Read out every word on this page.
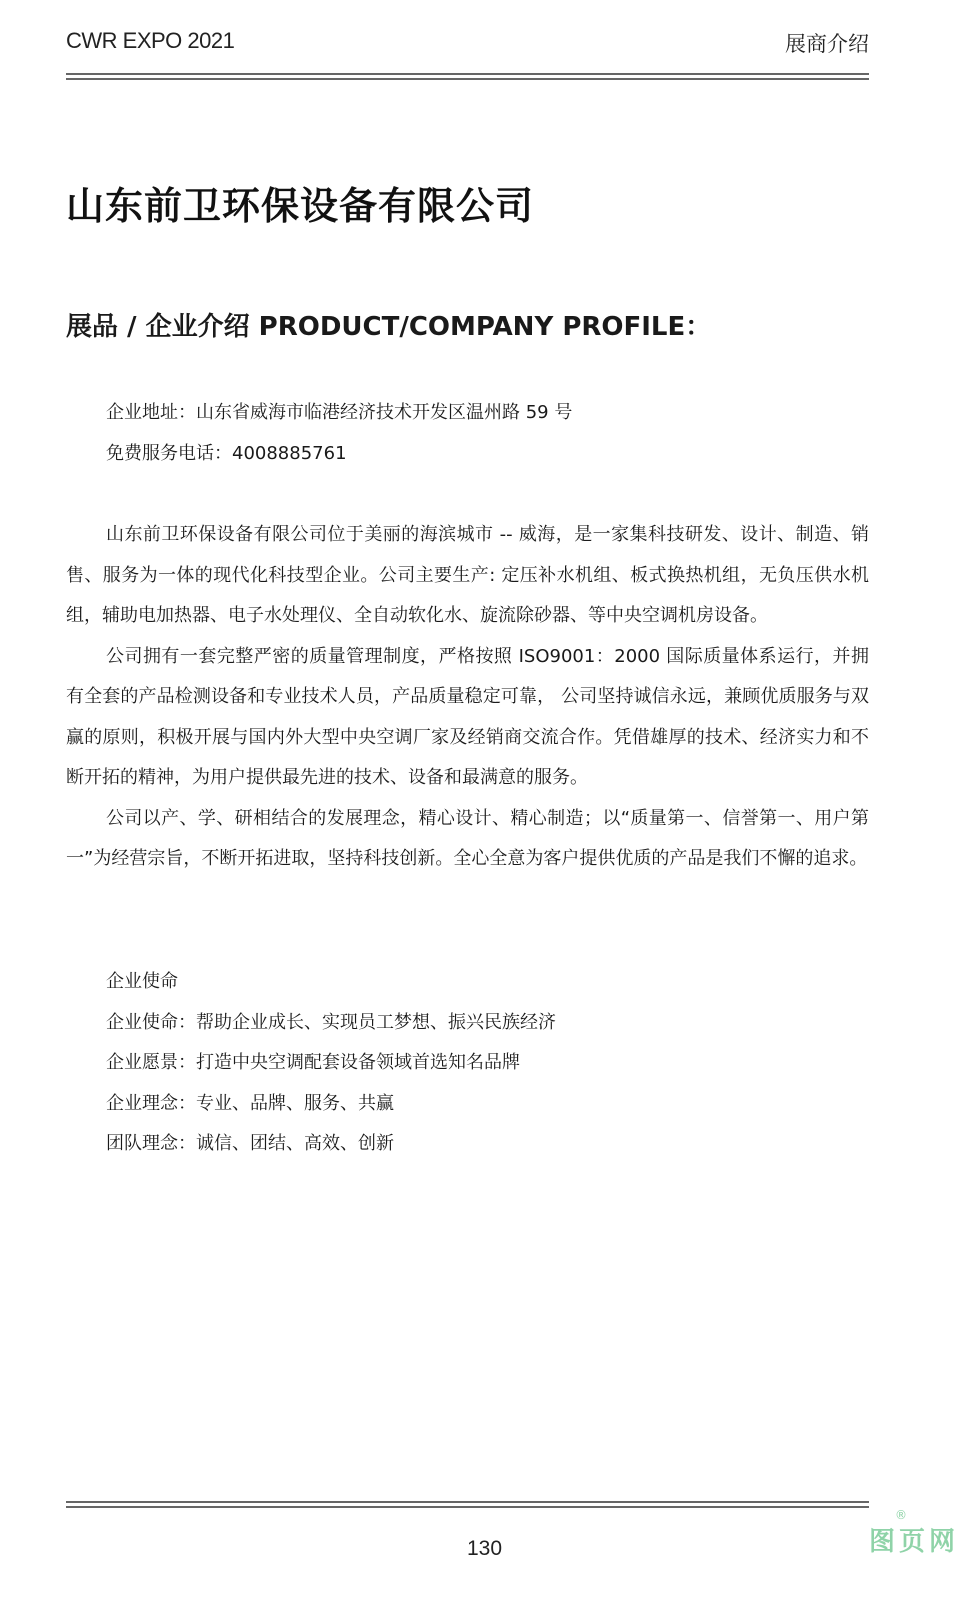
CWR EXPO 2021	展商介绍
山东前卫环保设备有限公司
展品 / 企业介绍 PRODUCT/COMPANY PROFILE：
企业地址：山东省威海市临港经济技术开发区温州路 59 号
免费服务电话：4008885761

山东前卫环保设备有限公司位于美丽的海滨城市 -- 威海，是一家集科技研发、设计、制造、销售、服务为一体的现代化科技型企业。公司主要生产: 定压补水机组、板式换热机组，无负压供水机组，辅助电加热器、电子水处理仪、全自动软化水、旋流除砂器、等中央空调机房设备。

公司拥有一套完整严密的质量管理制度，严格按照 ISO9001：2000 国际质量体系运行，并拥有全套的产品检测设备和专业技术人员，产品质量稳定可靠， 公司坚持诚信永远，兼顾优质服务与双赢的原则，积极开展与国内外大型中央空调厂家及经销商交流合作。凭借雄厚的技术、经济实力和不断开拓的精神，为用户提供最先进的技术、设备和最满意的服务。

公司以产、学、研相结合的发展理念，精心设计、精心制造；以“质量第一、信誉第一、用户第一”为经营宗旨，不断开拓进取，坚持科技创新。全心全意为客户提供优质的产品是我们不懈的追求。

企业使命
企业使命：帮助企业成长、实现员工梦想、振兴民族经济
企业愿景：打造中央空调配套设备领域首选知名品牌
企业理念：专业、品牌、服务、共赢
团队理念：诚信、团结、高效、创新
130
®
图页网
